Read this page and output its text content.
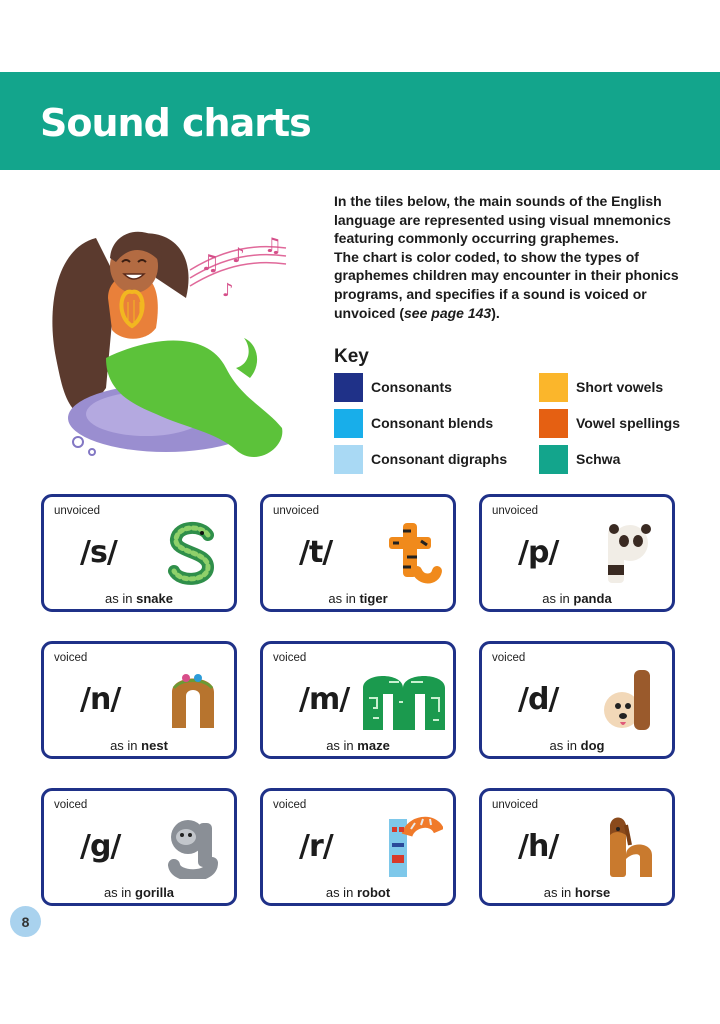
Sound charts
♫ ♪ ♫
♪

In the tiles below, the main sounds of the English language are represented using visual mnemonics featuring commonly occurring graphemes.

The chart is color coded, to show the types of graphemes children may encounter in their phonics programs, and specifies if a sound is voiced or unvoiced (see page 143).

Key
Consonants
Consonant blends
Consonant digraphs
Short vowels
Vowel spellings
Schwa
unvoiced
/s/
as in snake
unvoiced
/t/
as in tiger
unvoiced
/p/
as in panda
voiced
/n/
as in nest
voiced
/m/
as in maze
voiced
/d/
as in dog
voiced
/g/
as in gorilla
voiced
/r/
as in robot
unvoiced
/h/
as in horse
8
